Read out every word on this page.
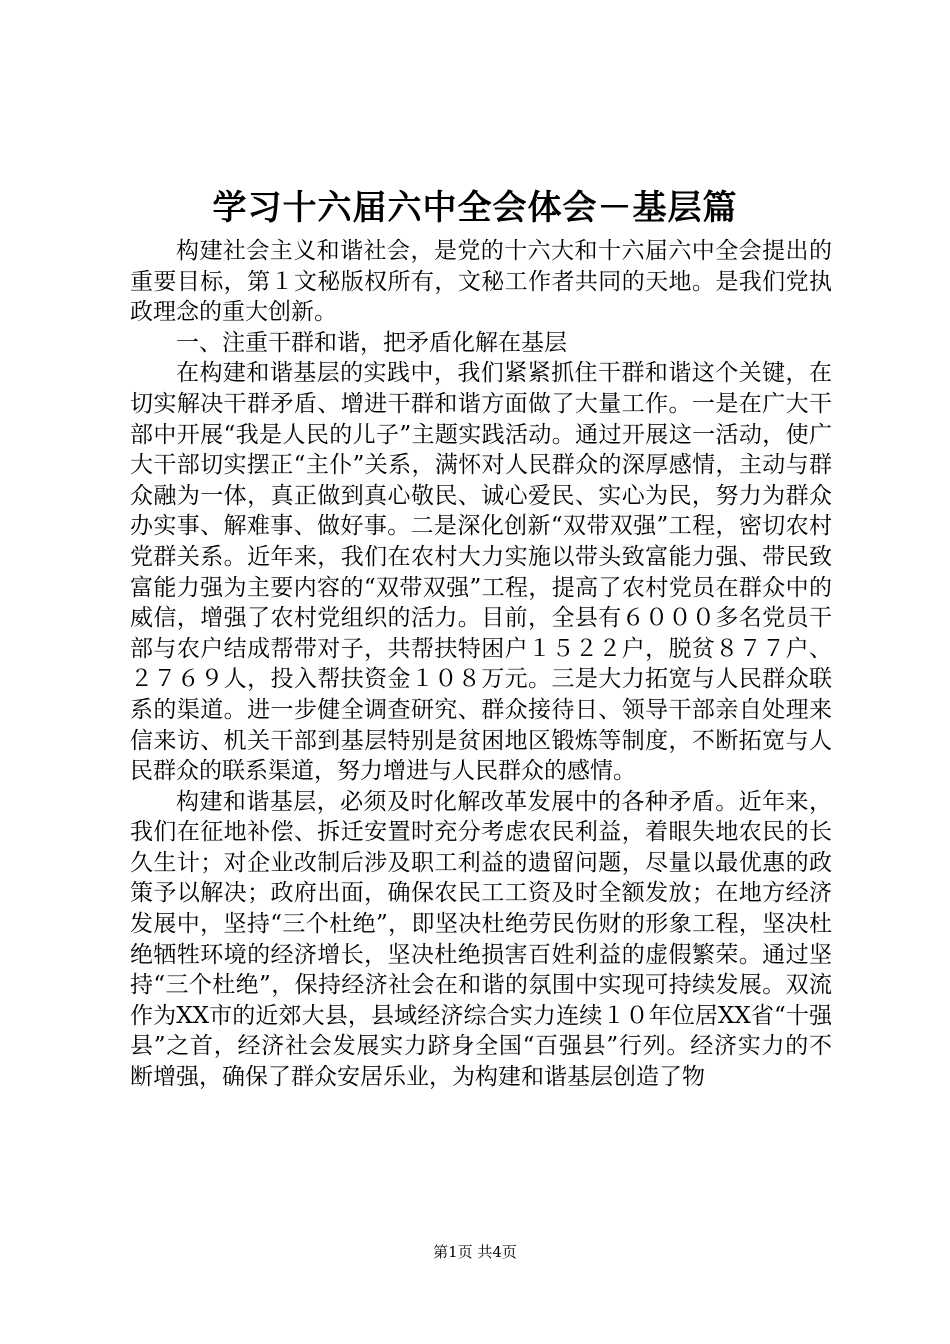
学习十六届六中全会体会－基层篇

构建社会主义和谐社会，是党的十六大和十六届六中全会提出的重要目标，第１文秘版权所有，文秘工作者共同的天地。是我们党执政理念的重大创新。

一、注重干群和谐，把矛盾化解在基层

在构建和谐基层的实践中，我们紧紧抓住干群和谐这个关键，在切实解决干群矛盾、增进干群和谐方面做了大量工作。一是在广大干部中开展“我是人民的儿子”主题实践活动。通过开展这一活动，使广大干部切实摆正“主仆”关系，满怀对人民群众的深厚感情，主动与群众融为一体，真正做到真心敬民、诚心爱民、实心为民，努力为群众办实事、解难事、做好事。二是深化创新“双带双强”工程，密切农村党群关系。近年来，我们在农村大力实施以带头致富能力强、带民致富能力强为主要内容的“双带双强”工程，提高了农村党员在群众中的威信，增强了农村党组织的活力。目前，全县有６０００多名党员干部与农户结成帮带对子，共帮扶特困户１５２２户，脱贫８７７户、２７６９人，投入帮扶资金１０８万元。三是大力拓宽与人民群众联系的渠道。进一步健全调查研究、群众接待日、领导干部亲自处理来信来访、机关干部到基层特别是贫困地区锻炼等制度，不断拓宽与人民群众的联系渠道，努力增进与人民群众的感情。

构建和谐基层，必须及时化解改革发展中的各种矛盾。近年来，我们在征地补偿、拆迁安置时充分考虑农民利益，着眼失地农民的长久生计；对企业改制后涉及职工利益的遗留问题，尽量以最优惠的政策予以解决；政府出面，确保农民工工资及时全额发放；在地方经济发展中，坚持“三个杜绝”，即坚决杜绝劳民伤财的形象工程，坚决杜绝牺牲环境的经济增长，坚决杜绝损害百姓利益的虚假繁荣。通过坚持“三个杜绝”，保持经济社会在和谐的氛围中实现可持续发展。双流作为XX市的近郊大县，县域经济综合实力连续１０年位居XX省“十强县”之首，经济社会发展实力跻身全国“百强县”行列。经济实力的不断增强，确保了群众安居乐业，为构建和谐基层创造了物

第1页 共4页
